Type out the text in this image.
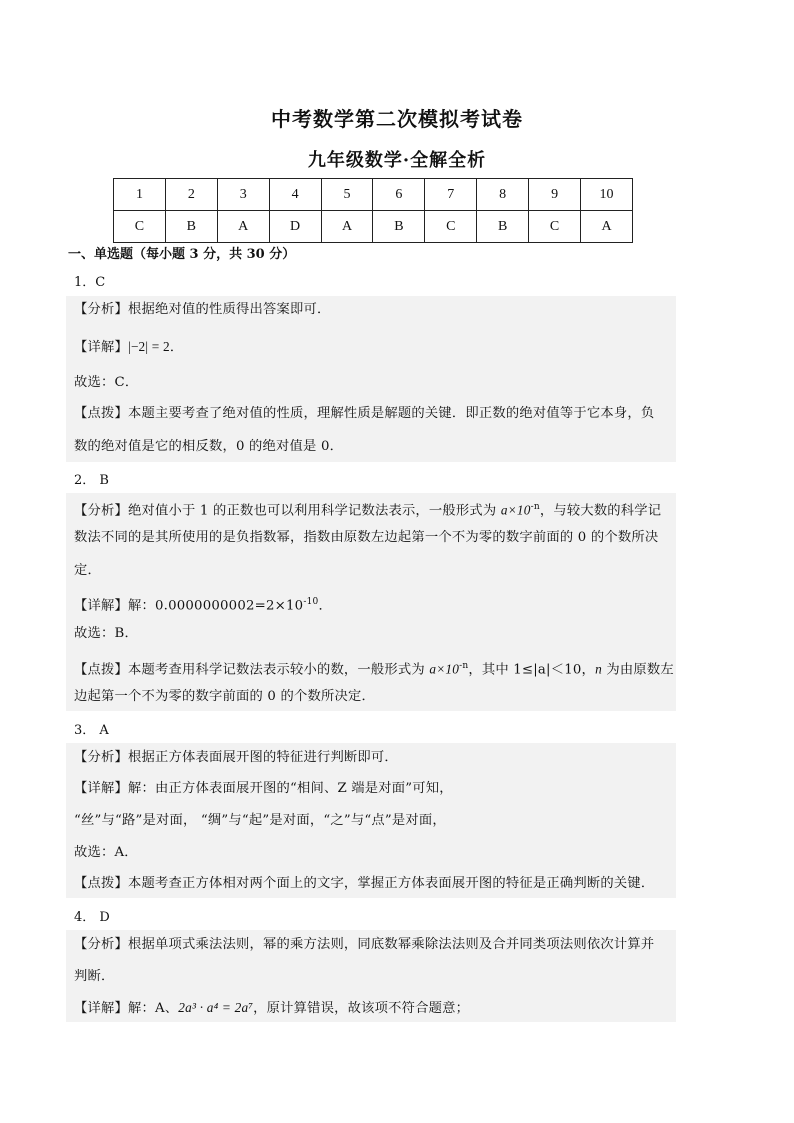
中考数学第二次模拟考试卷
九年级数学·全解全析
1	2	3	4	5	6	7	8	9	10
C	B	A	D	A	B	C	B	C	A
一、单选题（每小题 3 分，共 30 分）
1．C
【分析】根据绝对值的性质得出答案即可．
【详解】|−2| = 2．
故选：C．
【点拨】本题主要考查了绝对值的性质，理解性质是解题的关键．即正数的绝对值等于它本身，负
数的绝对值是它的相反数，0 的绝对值是 0．
2． B
【分析】绝对值小于 1 的正数也可以利用科学记数法表示，一般形式为 $a\times 10^{-n}$，与较大数的科学记
数法不同的是其所使用的是负指数幂，指数由原数左边起第一个不为零的数字前面的 0 的个数所决
定．
【详解】解：$0.0000000002=2\times 10^{-10}$．
故选：B．
【点拨】本题考查用科学记数法表示较小的数，一般形式为 $a\times 10^{-n}$，其中 1≤|a|＜10，n 为由原数左
边起第一个不为零的数字前面的 0 的个数所决定．
3． A
【分析】根据正方体表面展开图的特征进行判断即可．
【详解】解：由正方体表面展开图的“相间、Z 端是对面”可知，
“丝”与“路”是对面， “绸”与“起”是对面，“之”与“点”是对面，
故选：A．
【点拨】本题考查正方体相对两个面上的文字，掌握正方体表面展开图的特征是正确判断的关键．
4． D
【分析】根据单项式乘法法则，幂的乘方法则，同底数幂乘除法法则及合并同类项法则依次计算并
判断．
【详解】解：A、2a³ · a⁴ = 2a⁷，原计算错误，故该项不符合题意；
